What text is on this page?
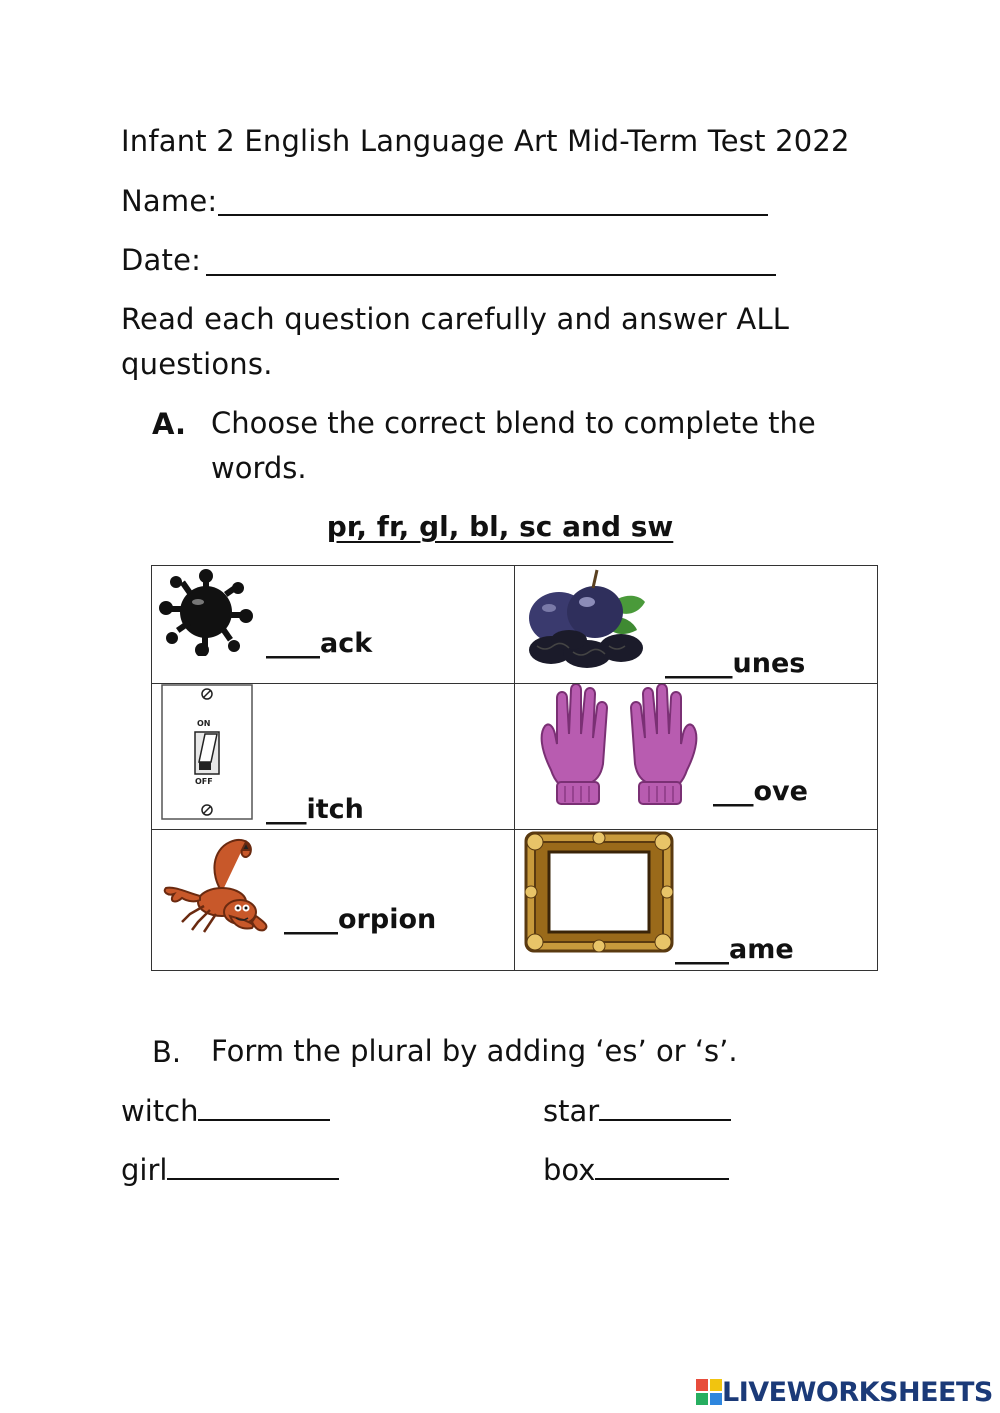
Infant 2 English Language Art Mid-Term Test 2022
Name:
Date:
Read each question carefully and answer ALL
questions.
A. Choose the correct blend to complete the
words.
pr, fr, gl, bl, sc and sw
____ack	_____unes

ON
OFF
___itch	___ove

____orpion	____ame
B. Form the plural by adding ‘es’ or ‘s’.
witch	star
girl	box
LIVEWORKSHEETS
